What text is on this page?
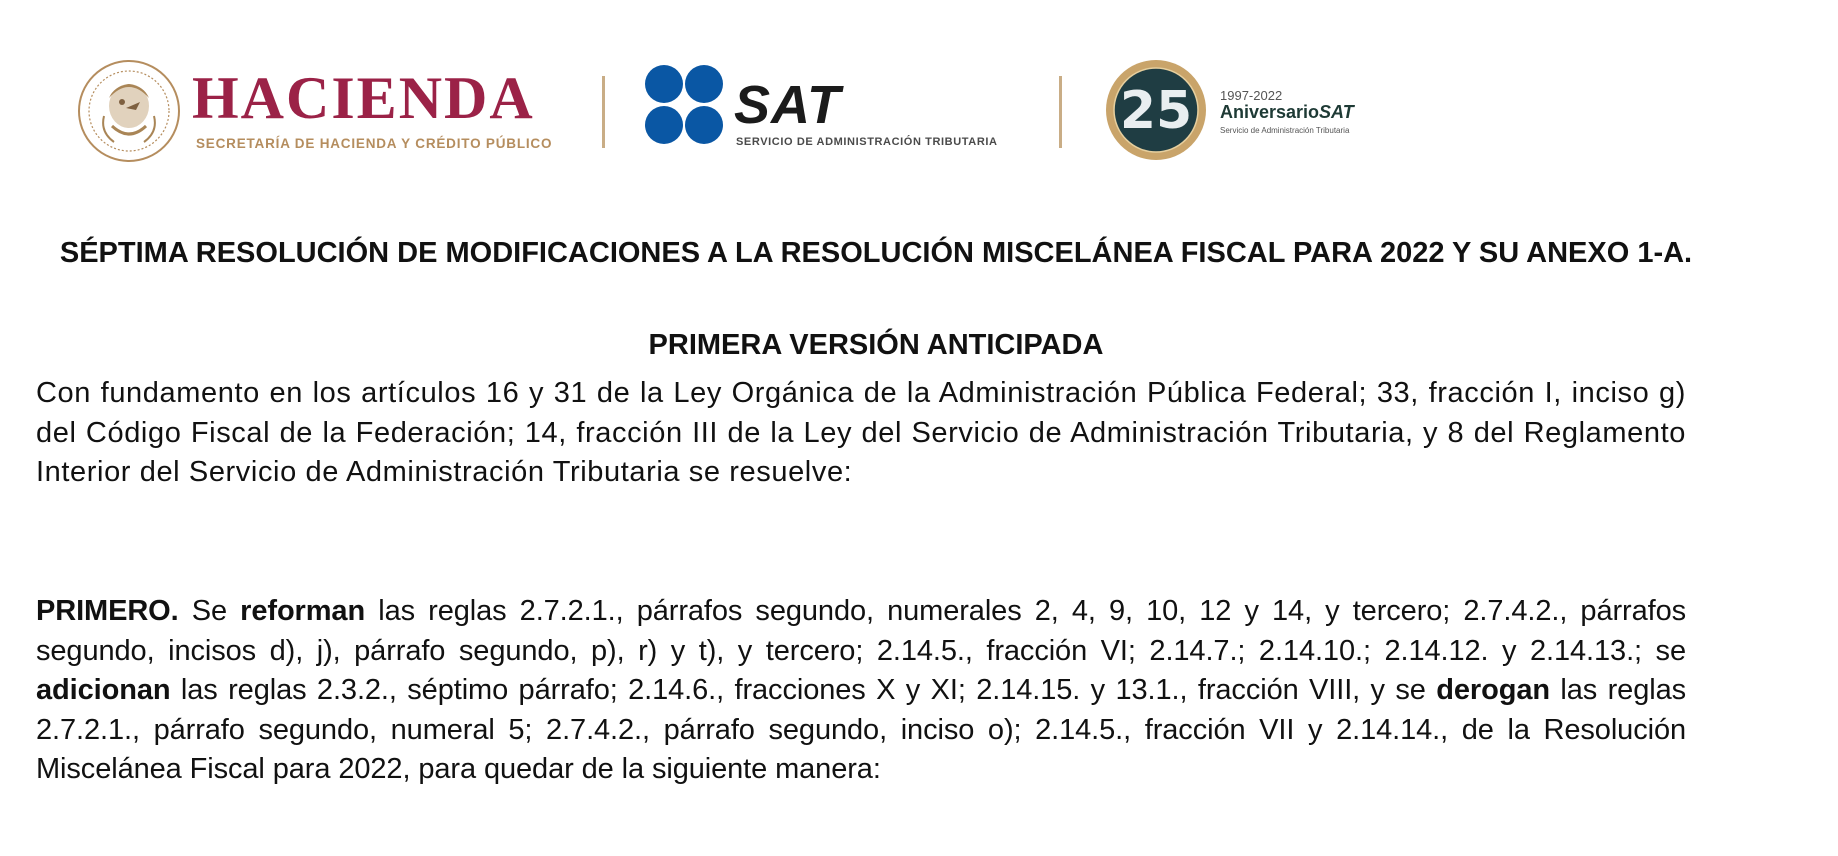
HACIENDA
SECRETARÍA DE HACIENDA Y CRÉDITO PÚBLICO
SAT
SERVICIO DE ADMINISTRACIÓN TRIBUTARIA
25 1997-2022
AniversarioSAT
Servicio de Administración Tributaria
SÉPTIMA RESOLUCIÓN DE MODIFICACIONES A LA RESOLUCIÓN MISCELÁNEA FISCAL PARA 2022 Y SU ANEXO 1-A.
PRIMERA VERSIÓN ANTICIPADA

Con fundamento en los artículos 16 y 31 de la Ley Orgánica de la Administración Pública Federal; 33, fracción I, inciso g) del Código Fiscal de la Federación; 14, fracción III de la Ley del Servicio de Administración Tributaria, y 8 del Reglamento Interior del Servicio de Administración Tributaria se resuelve:

PRIMERO. Se reforman las reglas 2.7.2.1., párrafos segundo, numerales 2, 4, 9, 10, 12 y 14, y tercero; 2.7.4.2., párrafos segundo, incisos d), j), párrafo segundo, p), r) y t), y tercero; 2.14.5., fracción VI; 2.14.7.; 2.14.10.; 2.14.12. y 2.14.13.; se adicionan las reglas 2.3.2., séptimo párrafo; 2.14.6., fracciones X y XI; 2.14.15. y 13.1., fracción VIII, y se derogan las reglas 2.7.2.1., párrafo segundo, numeral 5; 2.7.4.2., párrafo segundo, inciso o); 2.14.5., fracción VII y 2.14.14., de la Resolución Miscelánea Fiscal para 2022, para quedar de la siguiente manera:
